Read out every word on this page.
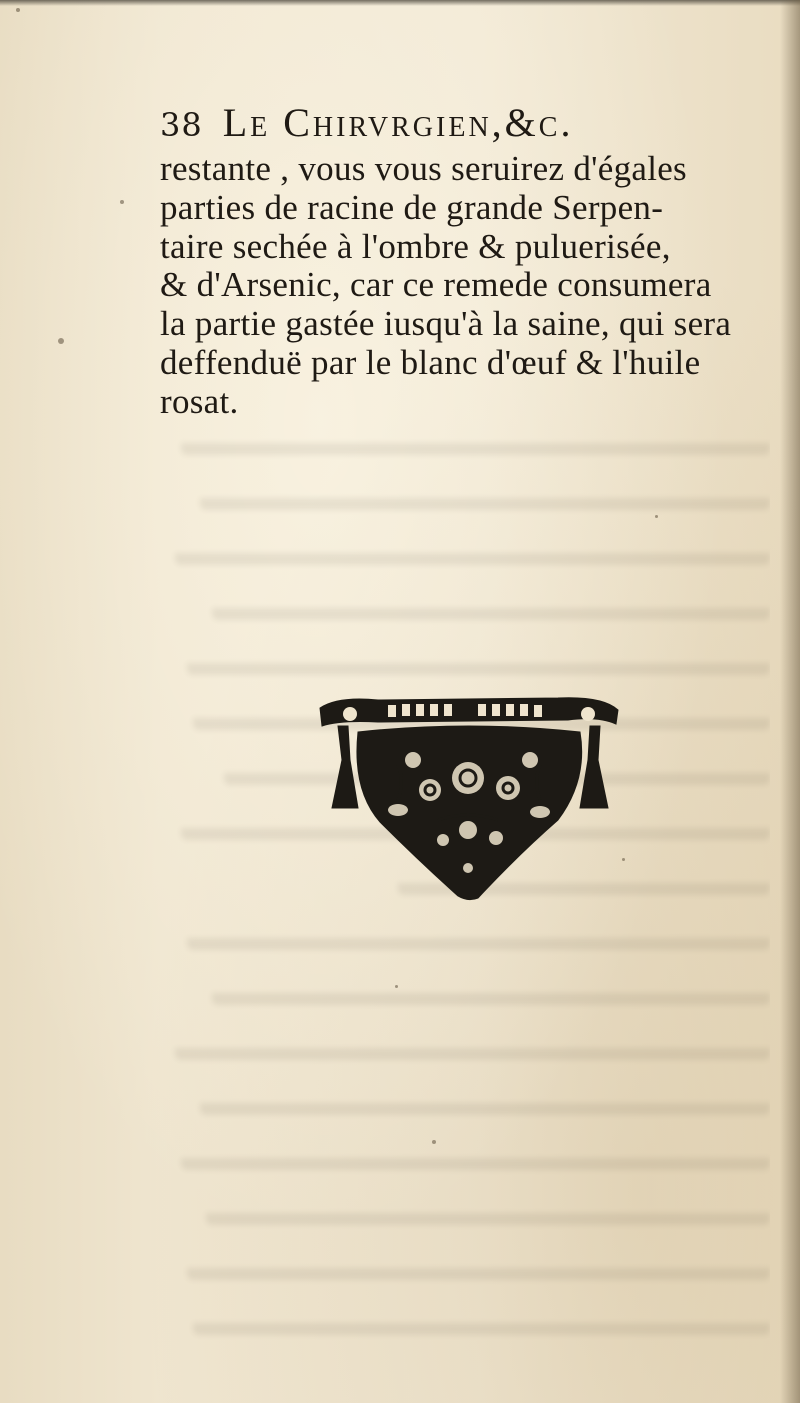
38 Le Chirvrgien,&c.
restante , vous vous seruirez d'égales
parties de racine de grande Serpen-
taire sechée à l'ombre & puluerisée,
& d'Arsenic, car ce remede consumera
la partie gastée iusqu'à la saine, qui sera
deffenduë par le blanc d'œuf & l'huile
rosat.
